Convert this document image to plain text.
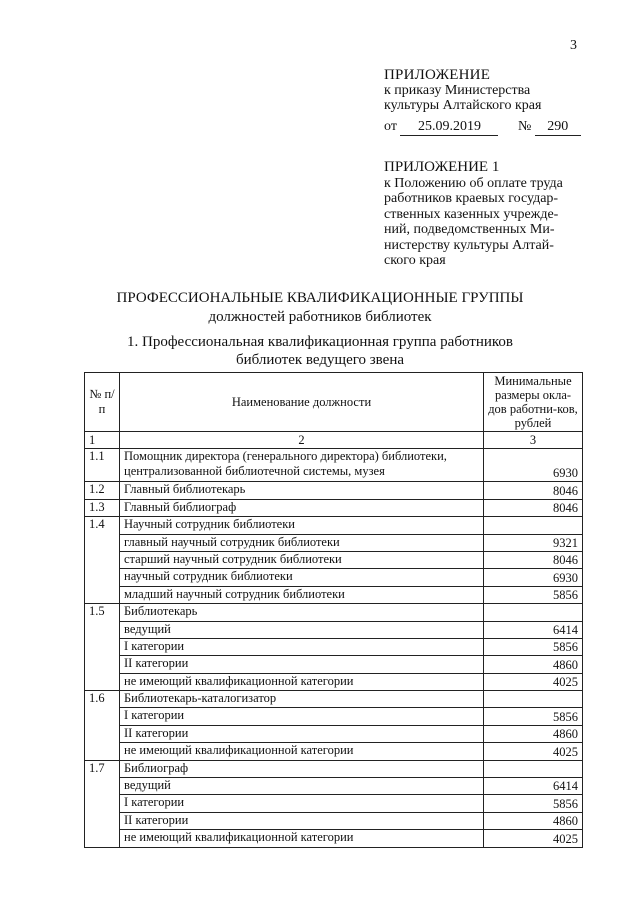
3
ПРИЛОЖЕНИЕ
к приказу Министерства
культуры Алтайского края
от 25.09.2019	№ 290
ПРИЛОЖЕНИЕ 1
к Положению об оплате труда
работников краевых государ-
ственных казенных учрежде-
ний, подведомственных Ми-
нистерству культуры Алтай-
ского края
ПРОФЕССИОНАЛЬНЫЕ КВАЛИФИКАЦИОННЫЕ ГРУППЫ
должностей работников библиотек
1. Профессиональная квалификационная группа работников
библиотек ведущего звена
№ п/п	Наименование должности	Минимальные размеры окла-дов работни-ков, рублей
1	2	3
1.1	Помощник директора (генерального директора) библиотеки, централизованной библиотечной системы, музея	6930
1.2	Главный библиотекарь	8046
1.3	Главный библиограф	8046
1.4	Научный сотрудник библиотеки	
	главный научный сотрудник библиотеки	9321
	старший научный сотрудник библиотеки	8046
	научный сотрудник библиотеки	6930
	младший научный сотрудник библиотеки	5856
1.5	Библиотекарь	
	ведущий	6414
	I категории	5856
	II категории	4860
	не имеющий квалификационной категории	4025
1.6	Библиотекарь-каталогизатор	
	I категории	5856
	II категории	4860
	не имеющий квалификационной категории	4025
1.7	Библиограф	
	ведущий	6414
	I категории	5856
	II категории	4860
	не имеющий квалификационной категории	4025
